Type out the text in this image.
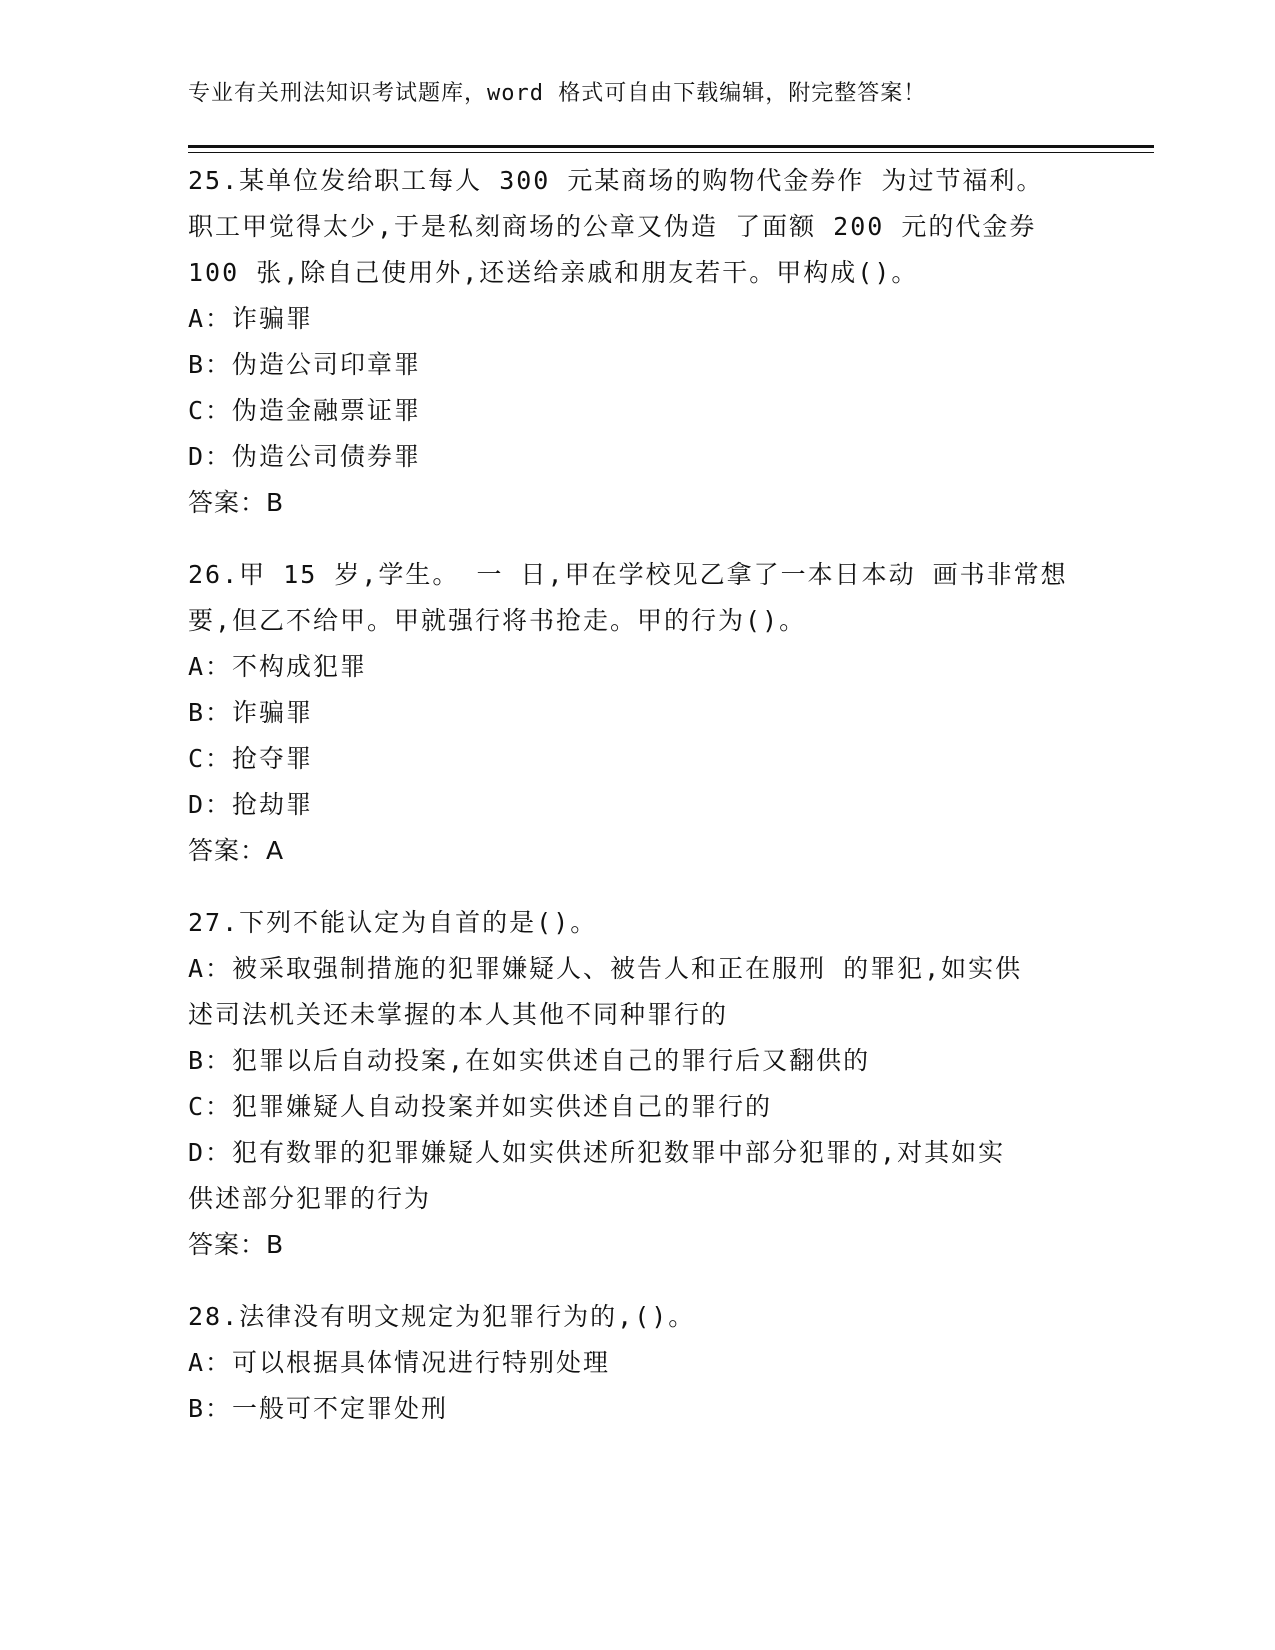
专业有关刑法知识考试题库，word 格式可自由下载编辑，附完整答案！
25.某单位发给职工每人 300 元某商场的购物代金券作 为过节福利。
职工甲觉得太少,于是私刻商场的公章又伪造 了面额 200 元的代金券
100 张,除自己使用外,还送给亲戚和朋友若干。甲构成()。
A：诈骗罪
B：伪造公司印章罪
C：伪造金融票证罪
D：伪造公司债券罪
答案：B
26.甲 15 岁,学生。 一 日,甲在学校见乙拿了一本日本动 画书非常想
要,但乙不给甲。甲就强行将书抢走。甲的行为()。
A：不构成犯罪
B：诈骗罪
C：抢夺罪
D：抢劫罪
答案：A
27.下列不能认定为自首的是()。
A：被采取强制措施的犯罪嫌疑人、被告人和正在服刑 的罪犯,如实供
述司法机关还未掌握的本人其他不同种罪行的
B：犯罪以后自动投案,在如实供述自己的罪行后又翻供的
C：犯罪嫌疑人自动投案并如实供述自己的罪行的
D：犯有数罪的犯罪嫌疑人如实供述所犯数罪中部分犯罪的,对其如实
供述部分犯罪的行为
答案：B
28.法律没有明文规定为犯罪行为的,()。
A：可以根据具体情况进行特别处理
B：一般可不定罪处刑
